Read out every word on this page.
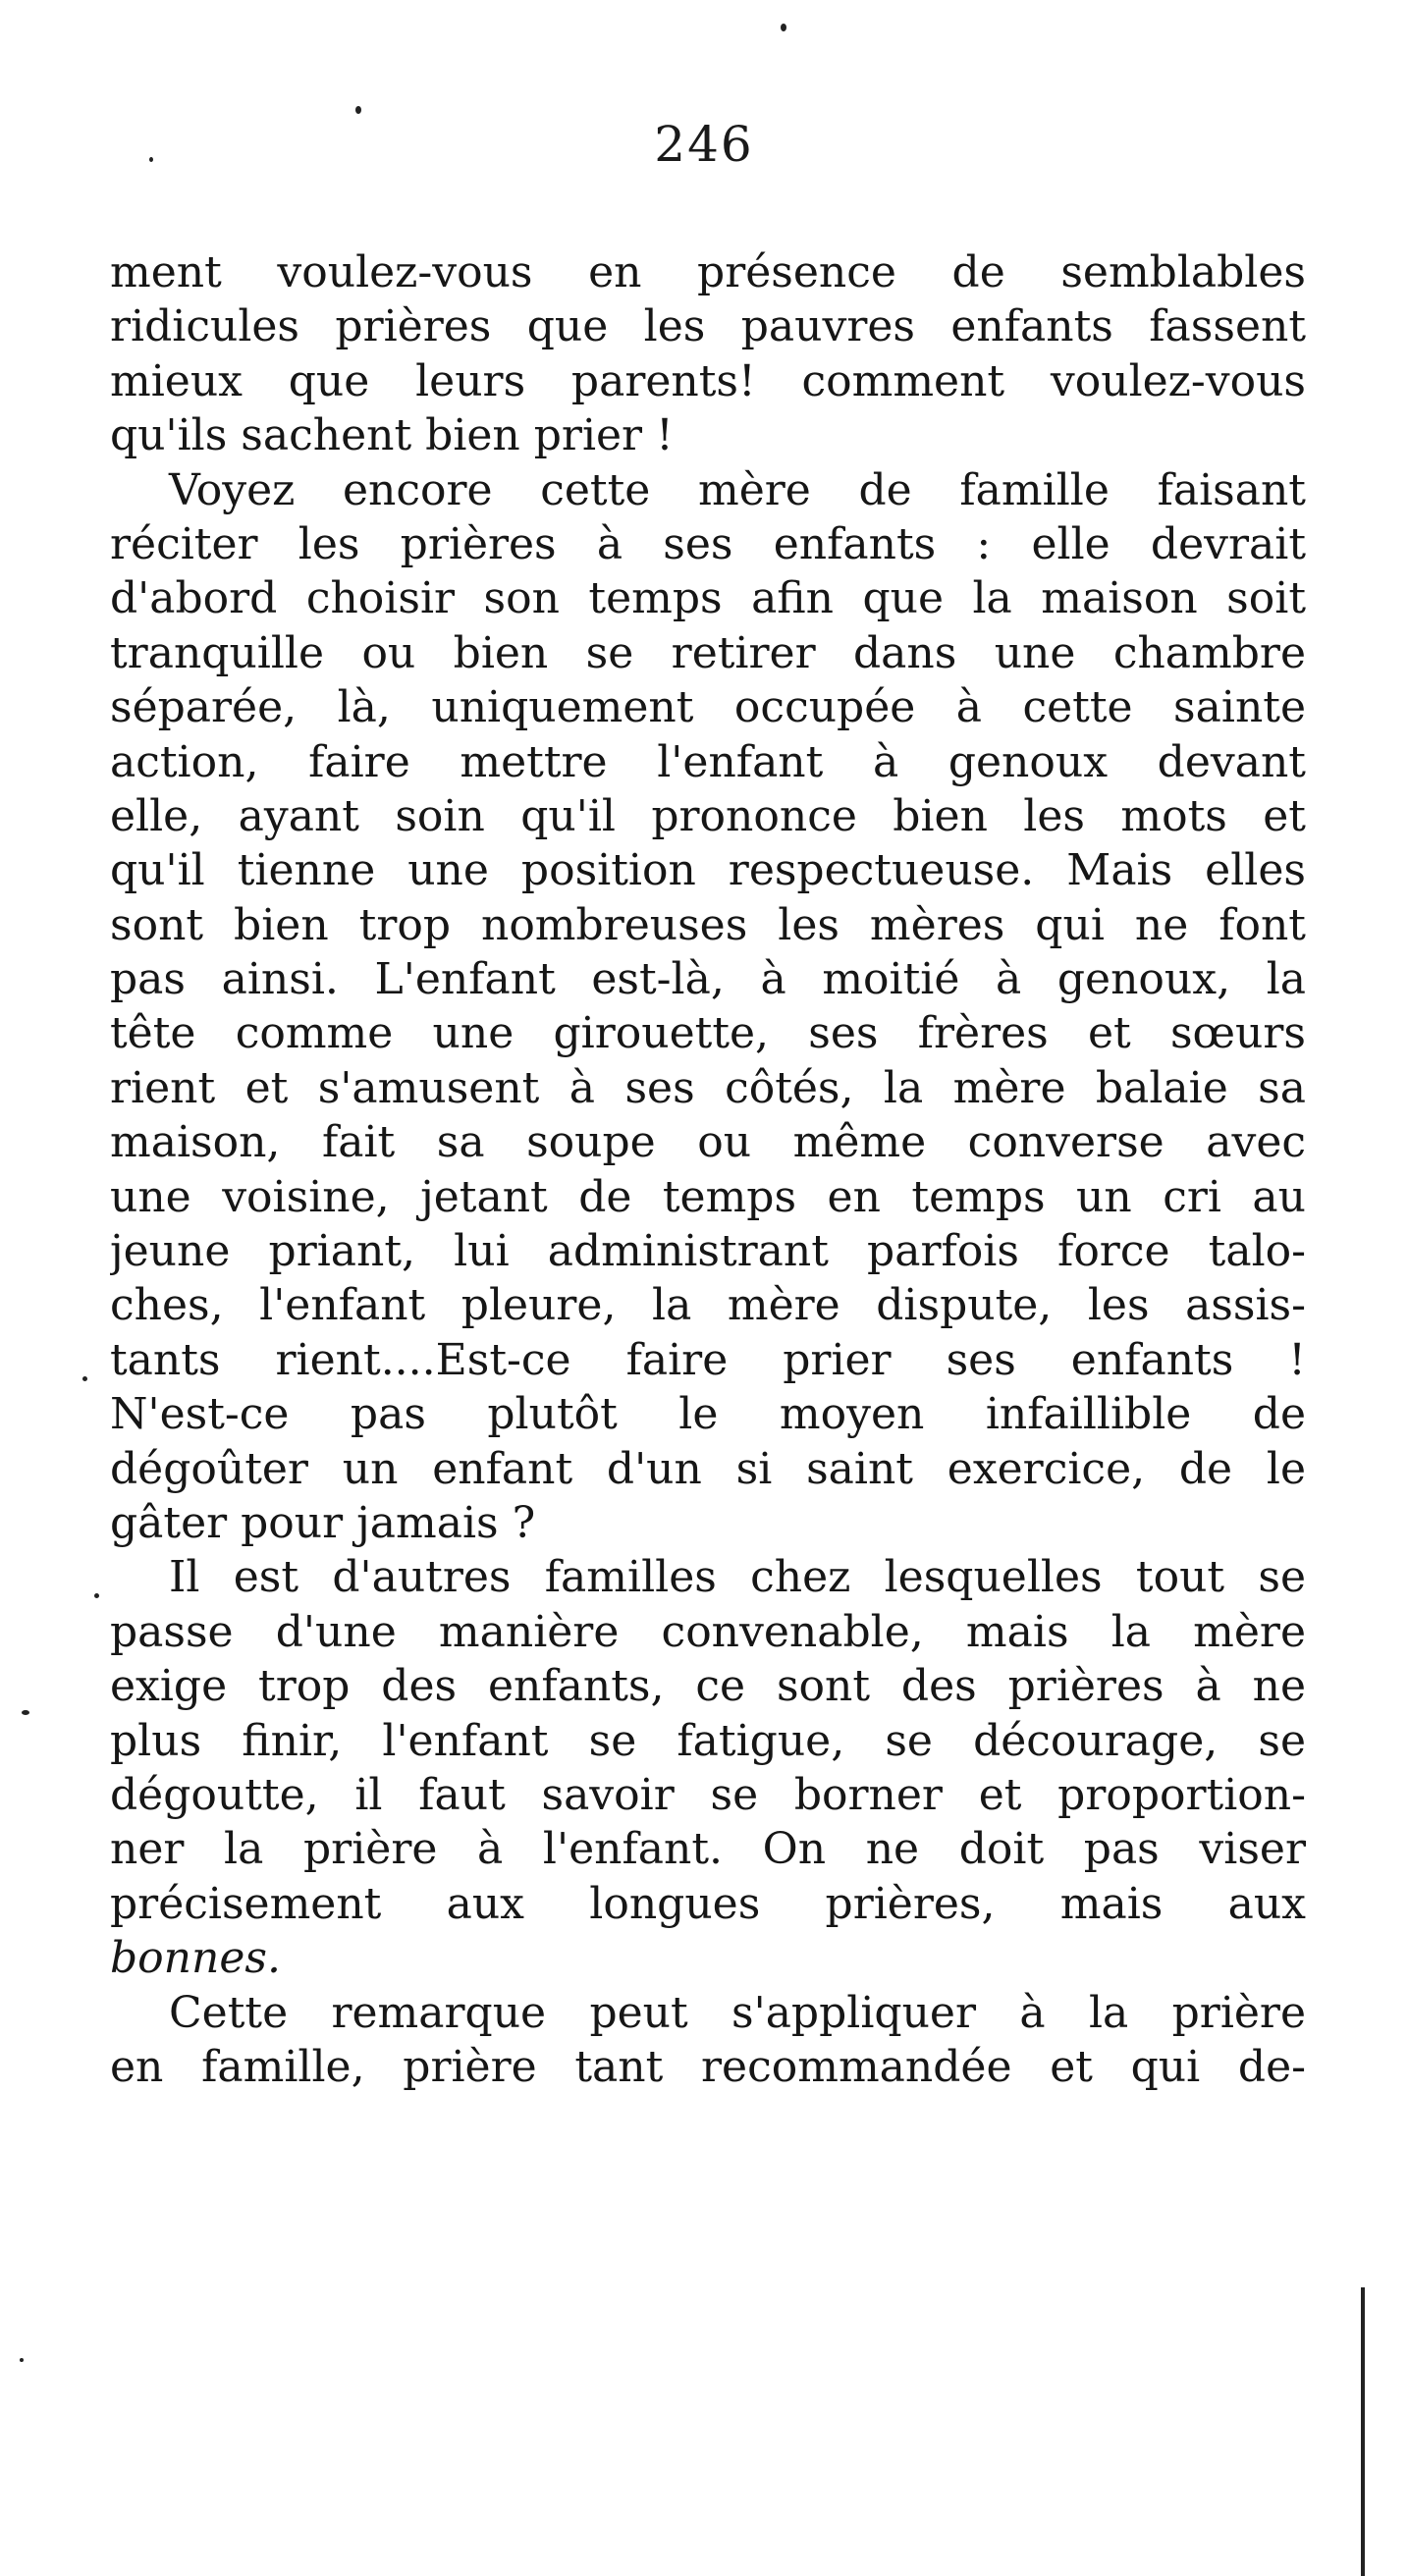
246
ment voulez-vous en présence de semblables
ridicules prières que les pauvres enfants fassent
mieux que leurs parents! comment voulez-vous
qu'ils sachent bien prier !
Voyez encore cette mère de famille faisant
réciter les prières à ses enfants : elle devrait
d'abord choisir son temps afin que la maison soit
tranquille ou bien se retirer dans une chambre
séparée, là, uniquement occupée à cette sainte
action, faire mettre l'enfant à genoux devant
elle, ayant soin qu'il prononce bien les mots et
qu'il tienne une position respectueuse. Mais elles
sont bien trop nombreuses les mères qui ne font
pas ainsi. L'enfant est-là, à moitié à genoux, la
tête comme une girouette, ses frères et sœurs
rient et s'amusent à ses côtés, la mère balaie sa
maison, fait sa soupe ou même converse avec
une voisine, jetant de temps en temps un cri au
jeune priant, lui administrant parfois force talo-
ches, l'enfant pleure, la mère dispute, les assis-
tants rient....Est-ce faire prier ses enfants !
N'est-ce pas plutôt le moyen infaillible de
dégoûter un enfant d'un si saint exercice, de le
gâter pour jamais ?
Il est d'autres familles chez lesquelles tout se
passe d'une manière convenable, mais la mère
exige trop des enfants, ce sont des prières à ne
plus finir, l'enfant se fatigue, se décourage, se
dégoutte, il faut savoir se borner et proportion-
ner la prière à l'enfant. On ne doit pas viser
précisement aux longues prières, mais aux
bonnes.
Cette remarque peut s'appliquer à la prière
en famille, prière tant recommandée et qui de-
